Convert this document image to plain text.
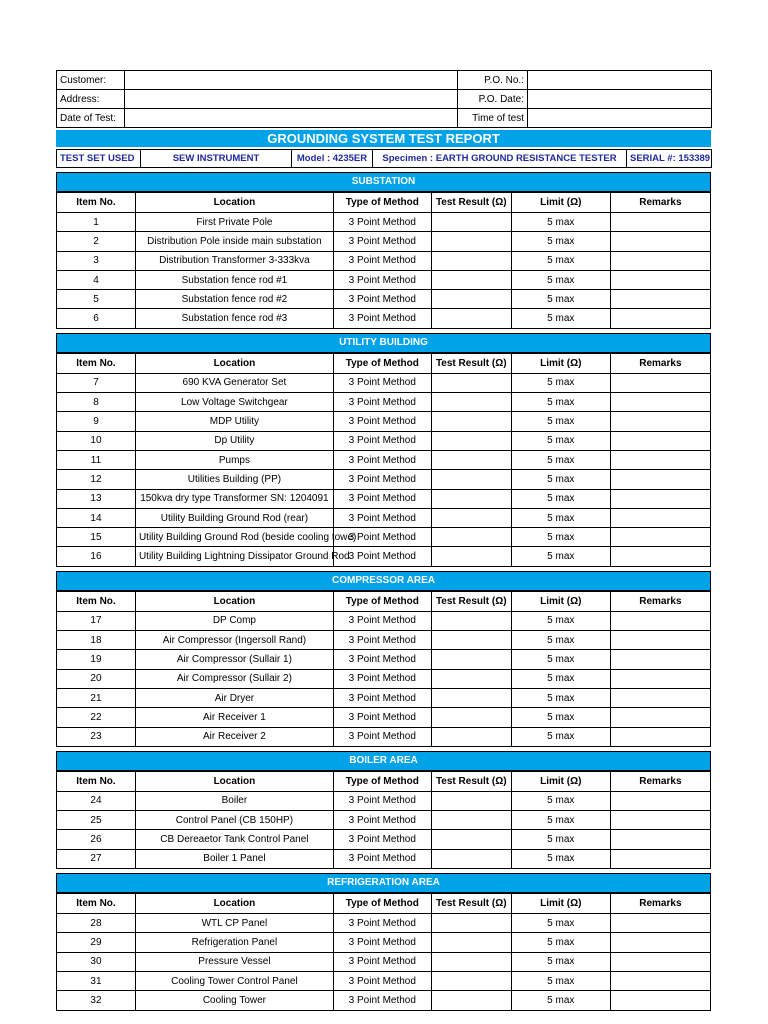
Customer:		P.O. No.:	
Address:		P.O. Date:	
Date of Test:		Time of test	
GROUNDING SYSTEM TEST REPORT
TEST SET USED	SEW INSTRUMENT	Model : 4235ER	Specimen : EARTH GROUND RESISTANCE TESTER	SERIAL #: 153389
SUBSTATION
Item No.	Location	Type of Method	Test Result (Ω)	Limit (Ω)	Remarks
1	First Private Pole	3 Point Method		5 max	
2	Distribution Pole inside main substation	3 Point Method		5 max	
3	Distribution Transformer 3-333kva	3 Point Method		5 max	
4	Substation fence rod #1	3 Point Method		5 max	
5	Substation fence rod #2	3 Point Method		5 max	
6	Substation fence rod #3	3 Point Method		5 max	
UTILITY BUILDING
Item No.	Location	Type of Method	Test Result (Ω)	Limit (Ω)	Remarks
7	690 KVA Generator Set	3 Point Method		5 max	
8	Low Voltage Switchgear	3 Point Method		5 max	
9	MDP Utility	3 Point Method		5 max	
10	Dp Utility	3 Point Method		5 max	
11	Pumps	3 Point Method		5 max	
12	Utilities Building (PP)	3 Point Method		5 max	
13	150kva dry type Transformer SN: 1204091	3 Point Method		5 max	
14	Utility Building Ground Rod (rear)	3 Point Method		5 max	
15	Utility Building Ground Rod (beside cooling towe)	3 Point Method		5 max	
16	Utility Building Lightning Dissipator Ground Rod	3 Point Method		5 max	
COMPRESSOR AREA
Item No.	Location	Type of Method	Test Result (Ω)	Limit (Ω)	Remarks
17	DP Comp	3 Point Method		5 max	
18	Air Compressor (Ingersoll Rand)	3 Point Method		5 max	
19	Air Compressor (Sullair 1)	3 Point Method		5 max	
20	Air Compressor (Sullair 2)	3 Point Method		5 max	
21	Air Dryer	3 Point Method		5 max	
22	Air Receiver 1	3 Point Method		5 max	
23	Air Receiver 2	3 Point Method		5 max	
BOILER AREA
Item No.	Location	Type of Method	Test Result (Ω)	Limit (Ω)	Remarks
24	Boiler	3 Point Method		5 max	
25	Control Panel (CB 150HP)	3 Point Method		5 max	
26	CB Dereaetor Tank Control Panel	3 Point Method		5 max	
27	Boiler 1 Panel	3 Point Method		5 max	
REFRIGERATION AREA
Item No.	Location	Type of Method	Test Result (Ω)	Limit (Ω)	Remarks
28	WTL CP Panel	3 Point Method		5 max	
29	Refrigeration Panel	3 Point Method		5 max	
30	Pressure Vessel	3 Point Method		5 max	
31	Cooling Tower Control Panel	3 Point Method		5 max	
32	Cooling Tower	3 Point Method		5 max	
